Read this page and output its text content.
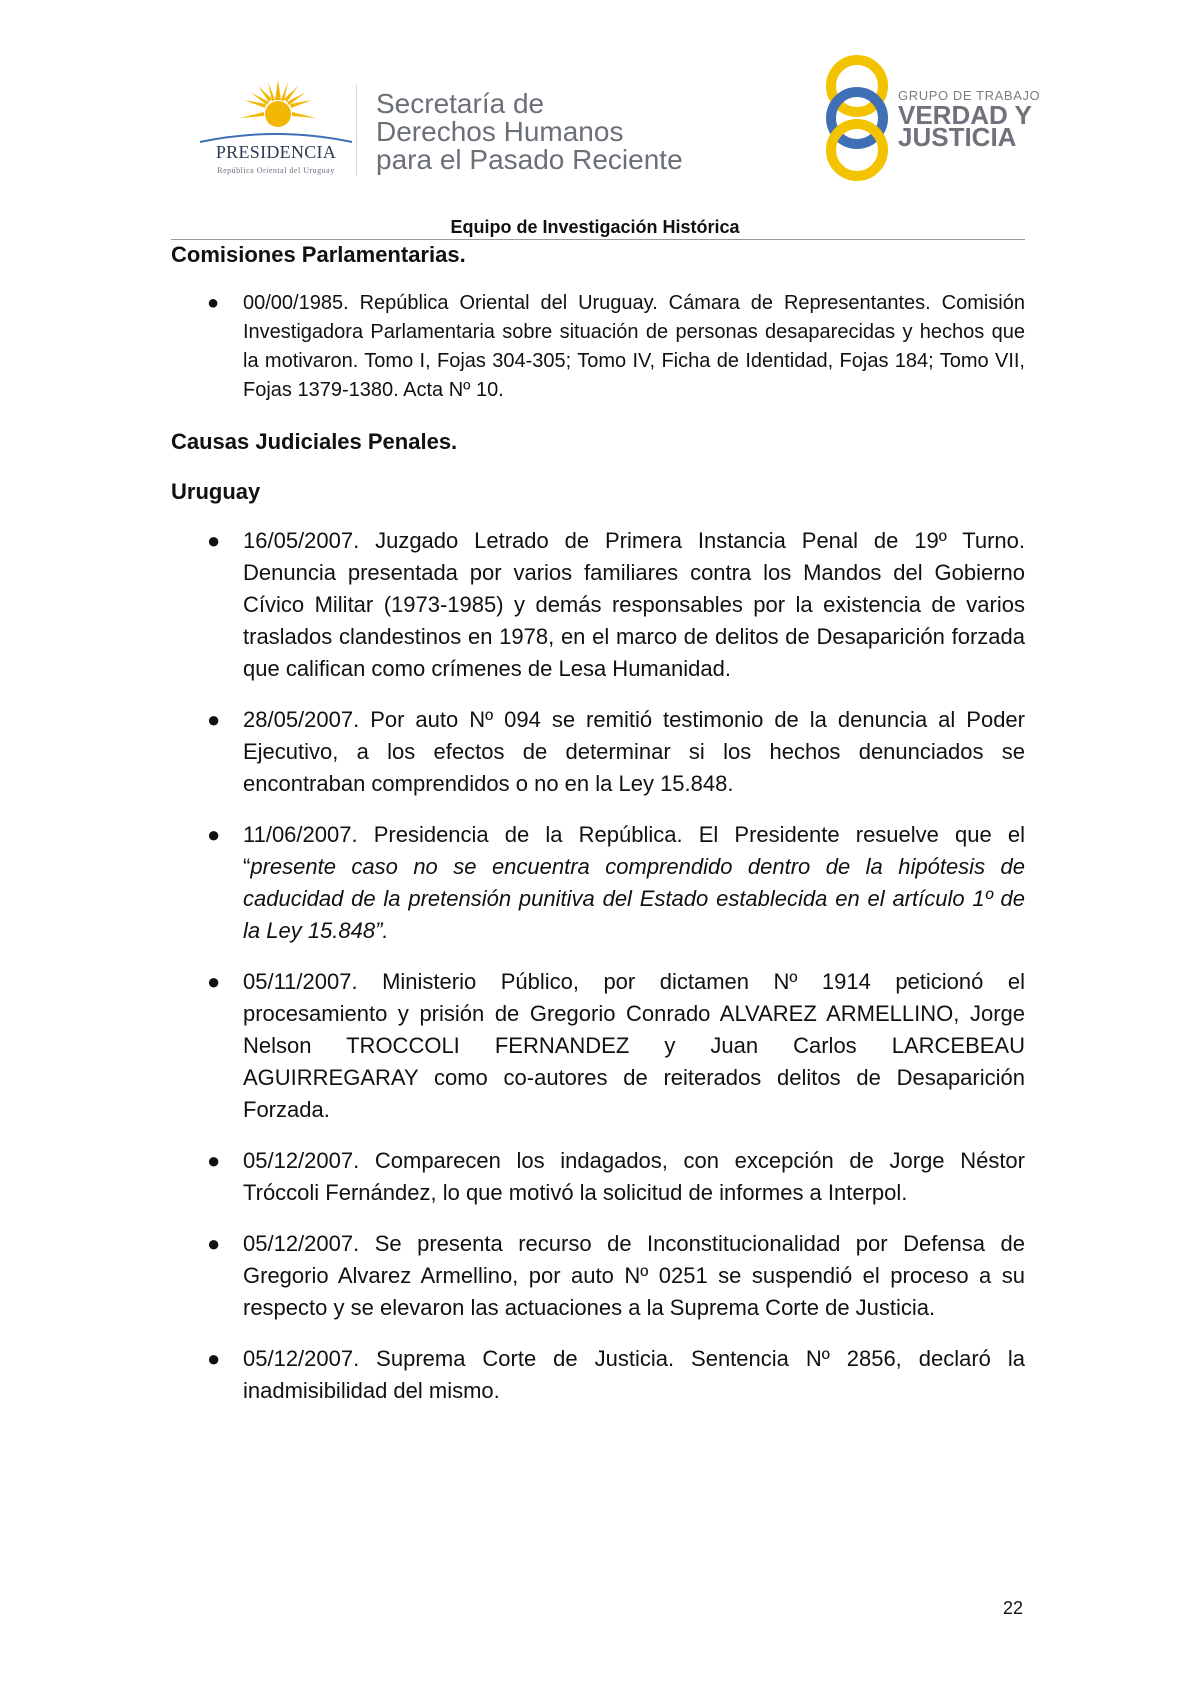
PRESIDENCIA
República Oriental del Uruguay
Secretaría de
Derechos Humanos
para el Pasado Reciente
GRUPO DE TRABAJO
VERDAD Y
JUSTICIA
Equipo de Investigación Histórica
Comisiones Parlamentarias.
● 00/00/1985. República Oriental del Uruguay. Cámara de Representantes. Comisión Investigadora Parlamentaria sobre situación de personas desaparecidas y hechos que la motivaron. Tomo I, Fojas 304-305; Tomo IV, Ficha de Identidad, Fojas 184; Tomo VII, Fojas 1379-1380. Acta Nº 10.
Causas Judiciales Penales.
Uruguay
● 16/05/2007. Juzgado Letrado de Primera Instancia Penal de 19º Turno. Denuncia presentada por varios familiares contra los Mandos del Gobierno Cívico Militar (1973-1985) y demás responsables por la existencia de varios traslados clandestinos en 1978, en el marco de delitos de Desaparición forzada que califican como crímenes de Lesa Humanidad.
● 28/05/2007. Por auto Nº 094 se remitió testimonio de la denuncia al Poder Ejecutivo, a los efectos de determinar si los hechos denunciados se encontraban comprendidos o no en la Ley 15.848.
● 11/06/2007. Presidencia de la República. El Presidente resuelve que el “presente caso no se encuentra comprendido dentro de la hipótesis de caducidad de la pretensión punitiva del Estado establecida en el artículo 1º de la Ley 15.848”.
● 05/11/2007. Ministerio Público, por dictamen Nº 1914 peticionó el procesamiento y prisión de Gregorio Conrado ALVAREZ ARMELLINO, Jorge Nelson TROCCOLI FERNANDEZ y Juan Carlos LARCEBEAU AGUIRREGARAY como co-autores de reiterados delitos de Desaparición Forzada.
● 05/12/2007. Comparecen los indagados, con excepción de Jorge Néstor Tróccoli Fernández, lo que motivó la solicitud de informes a Interpol.
● 05/12/2007. Se presenta recurso de Inconstitucionalidad por Defensa de Gregorio Alvarez Armellino, por auto Nº 0251 se suspendió el proceso a su respecto y se elevaron las actuaciones a la Suprema Corte de Justicia.
● 05/12/2007. Suprema Corte de Justicia. Sentencia Nº 2856, declaró la inadmisibilidad del mismo.
22
